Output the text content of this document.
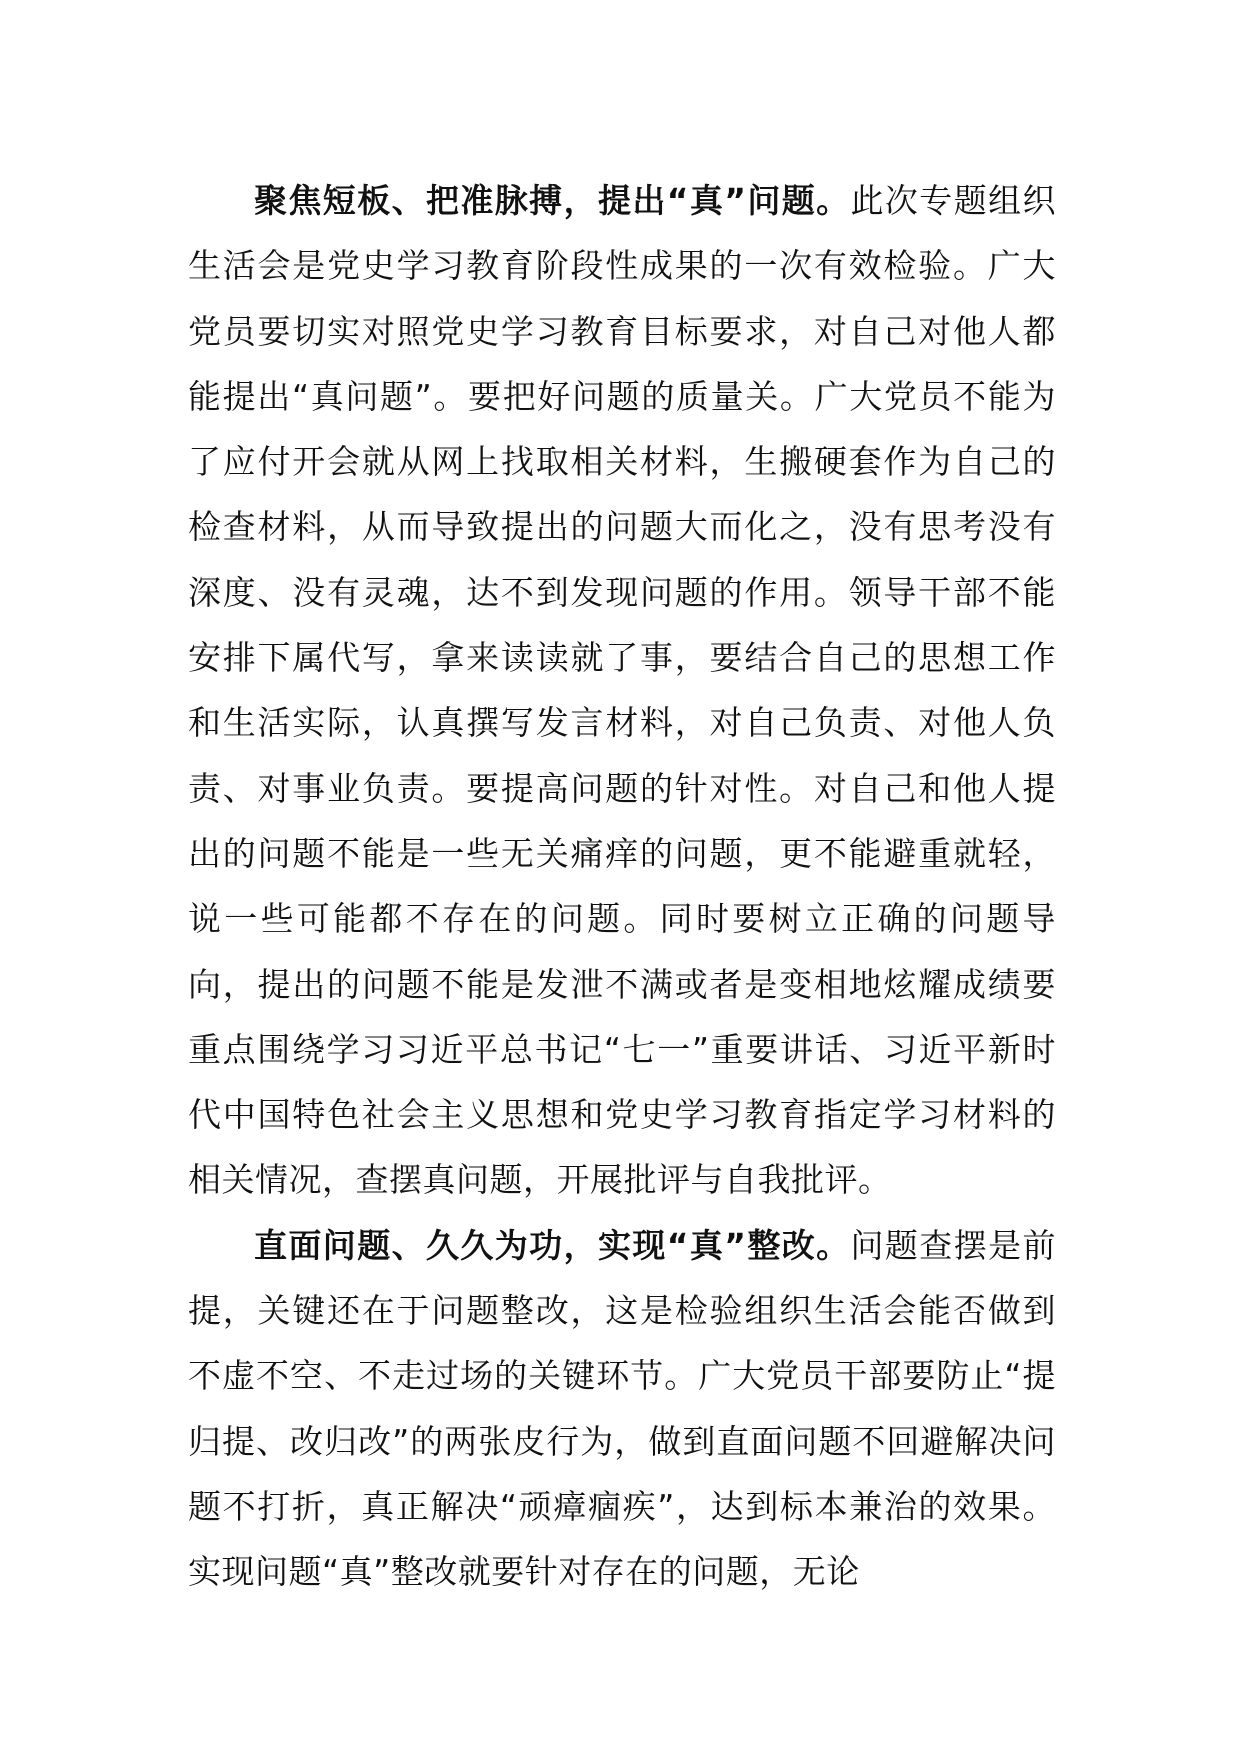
聚焦短板、把准脉搏，提出“真”问题。此次专题组织生活会是党史学习教育阶段性成果的一次有效检验。广大党员要切实对照党史学习教育目标要求，对自己对他人都能提出“真问题”。要把好问题的质量关。广大党员不能为了应付开会就从网上找取相关材料，生搬硬套作为自己的检查材料，从而导致提出的问题大而化之，没有思考没有深度、没有灵魂，达不到发现问题的作用。领导干部不能安排下属代写，拿来读读就了事，要结合自己的思想工作和生活实际，认真撰写发言材料，对自己负责、对他人负责、对事业负责。要提高问题的针对性。对自己和他人提出的问题不能是一些无关痛痒的问题，更不能避重就轻，说一些可能都不存在的问题。同时要树立正确的问题导向，提出的问题不能是发泄不满或者是变相地炫耀成绩要重点围绕学习习近平总书记“七一”重要讲话、习近平新时代中国特色社会主义思想和党史学习教育指定学习材料的相关情况，查摆真问题，开展批评与自我批评。

直面问题、久久为功，实现“真”整改。问题查摆是前提，关键还在于问题整改，这是检验组织生活会能否做到不虚不空、不走过场的关键环节。广大党员干部要防止“提归提、改归改”的两张皮行为，做到直面问题不回避解决问题不打折，真正解决“顽瘴痼疾”，达到标本兼治的效果。实现问题“真”整改就要针对存在的问题，无论
